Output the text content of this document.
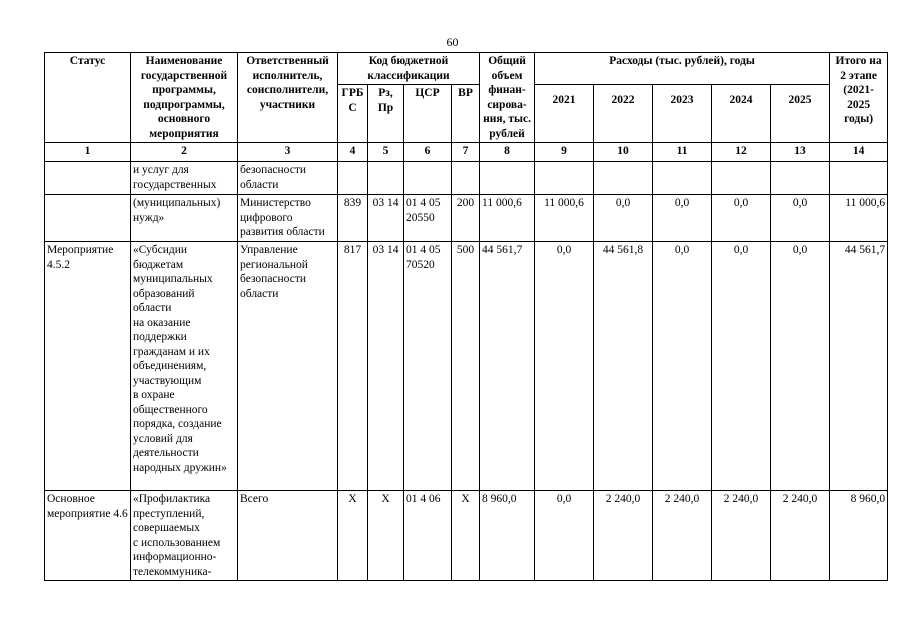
60
Статус	Наименование государственной программы, подпрограммы, основного мероприятия	Ответственный исполнитель, соисполнители, участники	Код бюджетной классификации				Общий объем финан-сирова-ния, тыс. рублей	Расходы (тыс. рублей), годы					Итого на 2 этапе (2021-2025 годы)
			ГРБ С	Рз, Пр	ЦСР	ВР		2021	2022	2023	2024	2025	
1	2	3	4	5	6	7	8	9	10	11	12	13	14
	и услуг для государственных	безопасности области											
	(муниципальных) нужд»	Министерство цифрового развития области	839	03 14	01 4 05 20550	200	11 000,6	11 000,6	0,0	0,0	0,0	0,0	11 000,6
Мероприятие 4.5.2	«Субсидии бюджетам муниципальных образований области
на оказание поддержки гражданам и их объединениям, участвующим
в охране общественного порядка, создание условий для деятельности народных дружин»	Управление региональной безопасности области	817	03 14	01 4 05 70520	500	44 561,7	0,0	44 561,8	0,0	0,0	0,0	44 561,7
Основное мероприятие 4.6	«Профилактика преступлений, совершаемых
с использованием информационно-телекоммуника-	Всего	X	X	01 4 06	X	8 960,0	0,0	2 240,0	2 240,0	2 240,0	2 240,0	8 960,0
